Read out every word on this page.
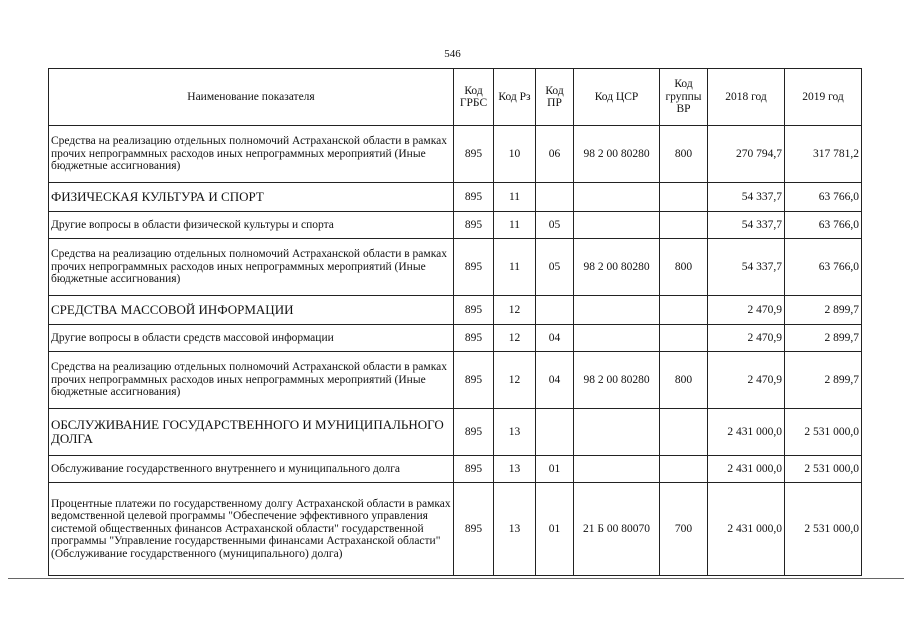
546
Наименование показателя	Код ГРБС	Код Рз	Код ПР	Код ЦСР	Код группы ВР	2018 год	2019 год
Средства на реализацию отдельных полномочий Астраханской области в рамках прочих непрограммных расходов иных непрограммных мероприятий (Иные бюджетные ассигнования)	895	10	06	98 2 00 80280	800	270 794,7	317 781,2
ФИЗИЧЕСКАЯ КУЛЬТУРА И СПОРТ	895	11				54 337,7	63 766,0
Другие вопросы в области физической культуры и спорта	895	11	05			54 337,7	63 766,0
Средства на реализацию отдельных полномочий Астраханской области в рамках прочих непрограммных расходов иных непрограммных мероприятий (Иные бюджетные ассигнования)	895	11	05	98 2 00 80280	800	54 337,7	63 766,0
СРЕДСТВА МАССОВОЙ ИНФОРМАЦИИ	895	12				2 470,9	2 899,7
Другие вопросы в области средств массовой информации	895	12	04			2 470,9	2 899,7
Средства на реализацию отдельных полномочий Астраханской области в рамках прочих непрограммных расходов иных непрограммных мероприятий (Иные бюджетные ассигнования)	895	12	04	98 2 00 80280	800	2 470,9	2 899,7
ОБСЛУЖИВАНИЕ ГОСУДАРСТВЕННОГО И МУНИЦИПАЛЬНОГО ДОЛГА	895	13				2 431 000,0	2 531 000,0
Обслуживание государственного внутреннего и муниципального долга	895	13	01			2 431 000,0	2 531 000,0
Процентные платежи по государственному долгу Астраханской области в рамках ведомственной целевой программы "Обеспечение эффективного управления системой общественных финансов Астраханской области" государственной программы "Управление государственными финансами Астраханской области" (Обслуживание государственного (муниципального) долга)	895	13	01	21 Б 00 80070	700	2 431 000,0	2 531 000,0
